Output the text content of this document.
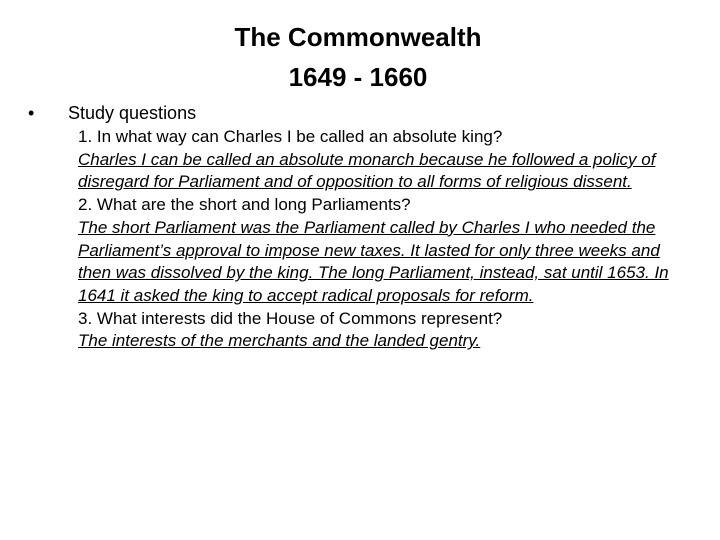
The Commonwealth
1649 - 1660
• Study questions

1. In what way can Charles I be called an absolute king?

Charles I can be called an absolute monarch because he followed a policy of disregard for Parliament and of opposition to all forms of religious dissent.

2. What are the short and long Parliaments?

The short Parliament was the Parliament called by Charles I who needed the Parliament’s approval to impose new taxes. It lasted for only three weeks and then was dissolved by the king. The long Parliament, instead, sat until 1653. In 1641 it asked the king to accept radical proposals for reform.

3. What interests did the House of Commons represent?

The interests of the merchants and the landed gentry.
